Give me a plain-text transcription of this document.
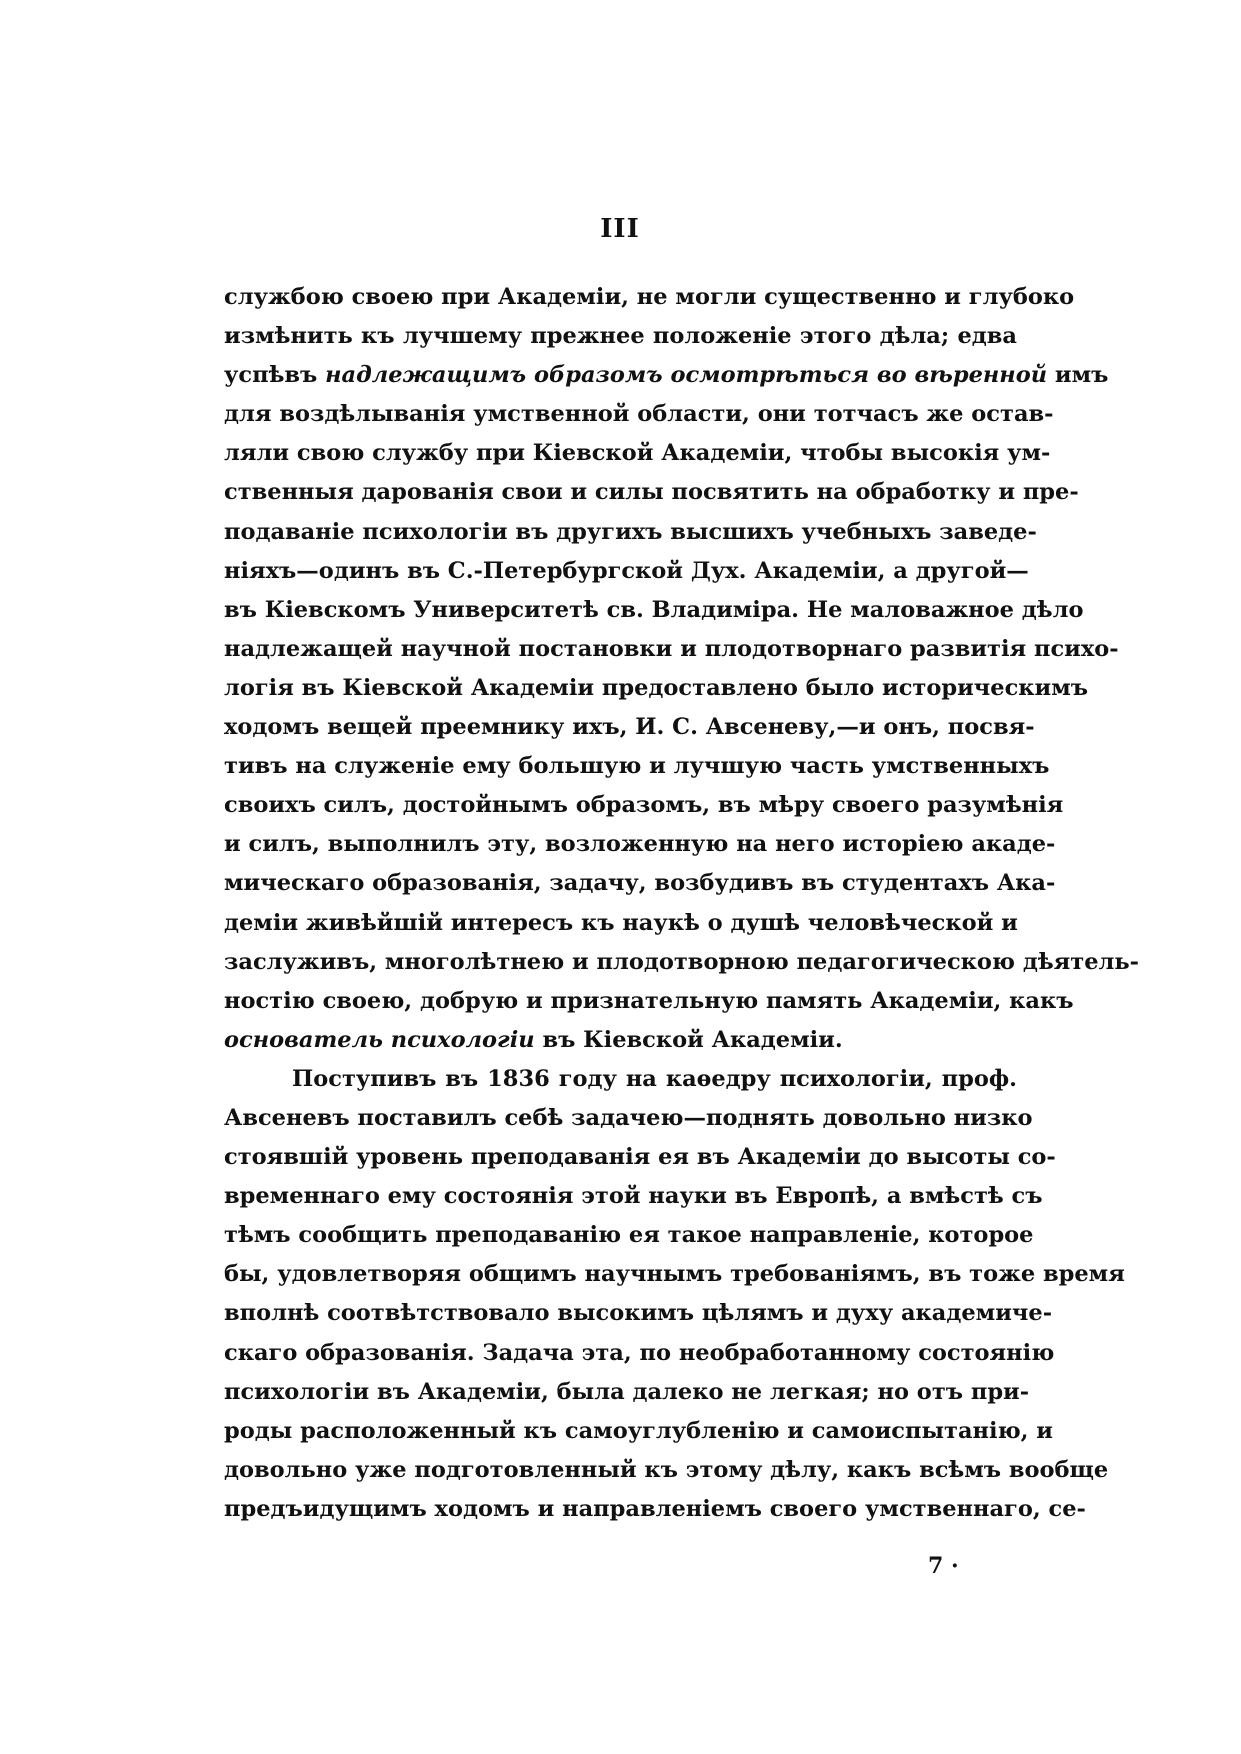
III
службою своею при Академіи, не могли существенно и глубоко
измѣнить къ лучшему прежнее положеніе этого дѣла; едва
успѣвъ надлежащимъ образомъ осмотрѣться во вѣренной имъ
для воздѣлыванія умственной области, они тотчасъ же остав-
ляли свою службу при Кіевской Академіи, чтобы высокія ум-
ственныя дарованія свои и силы посвятить на обработку и пре-
подаваніе психологіи въ другихъ высшихъ учебныхъ заведе-
ніяхъ—одинъ въ С.-Петербургской Дух. Академіи, а другой—
въ Кіевскомъ Университетѣ св. Владиміра. Не маловажное дѣло
надлежащей научной постановки и плодотворнаго развитія психо-
логія въ Кіевской Академіи предоставлено было историческимъ
ходомъ вещей преемнику ихъ, И. С. Авсеневу,—и онъ, посвя-
тивъ на служеніе ему большую и лучшую часть умственныхъ
своихъ силъ, достойнымъ образомъ, въ мѣру своего разумѣнія
и силъ, выполнилъ эту, возложенную на него исторіею акаде-
мическаго образованія, задачу, возбудивъ въ студентахъ Ака-
деміи живѣйшій интересъ къ наукѣ о душѣ человѣческой и
заслуживъ, многолѣтнею и плодотворною педагогическою дѣятель-
ностію своею, добрую и признательную память Академіи, какъ
основатель психологіи въ Кіевской Академіи.
Поступивъ въ 1836 году на каѳедру психологіи, проф.
Авсеневъ поставилъ себѣ задачею—поднять довольно низко
стоявшій уровень преподаванія ея въ Академіи до высоты со-
временнаго ему состоянія этой науки въ Европѣ, а вмѣстѣ съ
тѣмъ сообщить преподаванію ея такое направленіе, которое
бы, удовлетворяя общимъ научнымъ требованіямъ, въ тоже время
вполнѣ соотвѣтствовало высокимъ цѣлямъ и духу академиче-
скаго образованія. Задача эта, по необработанному состоянію
психологіи въ Академіи, была далеко не легкая; но отъ при-
роды расположенный къ самоуглубленію и самоиспытанію, и
довольно уже подготовленный къ этому дѣлу, какъ всѣмъ вообще
предъидущимъ ходомъ и направленіемъ своего умственнаго, се-
7 ·
